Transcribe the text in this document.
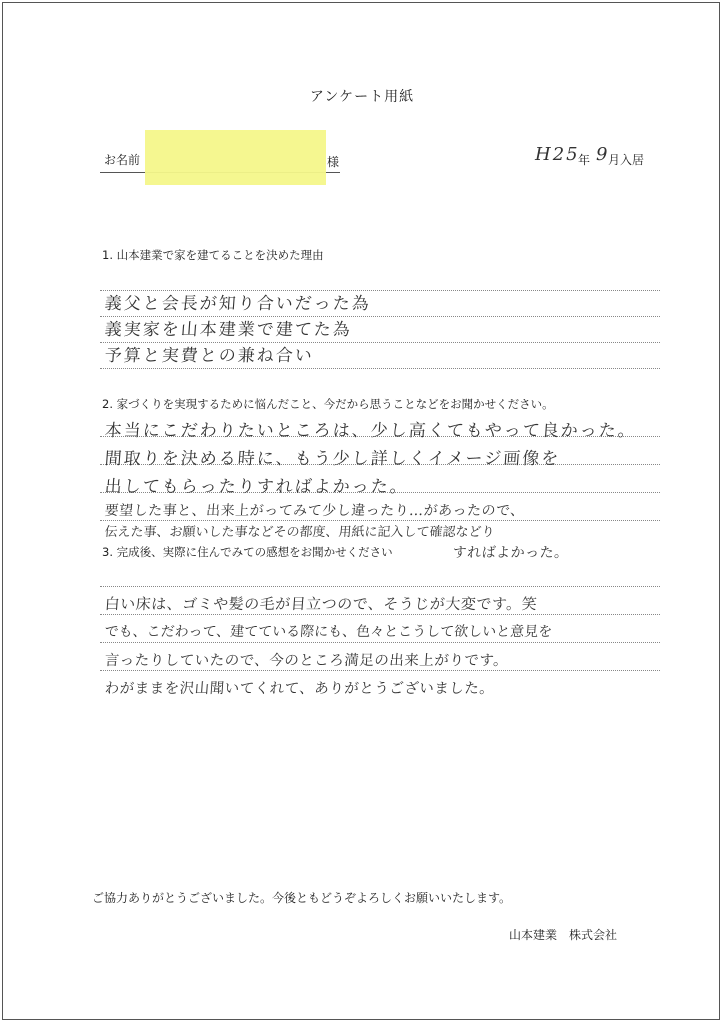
アンケート用紙
お名前	様	H25
年 9
月入居
1. 山本建業で家を建てることを決めた理由
義父と会長が知り合いだった為
義実家を山本建業で建てた為
予算と実費との兼ね合い
2. 家づくりを実現するために悩んだこと、今だから思うことなどをお聞かせください。
本当にこだわりたいところは、少し高くてもやって良かった。
間取りを決める時に、もう少し詳しくイメージ画像を
出してもらったりすればよかった。
要望した事と、出来上がってみて少し違ったり…があったので、
伝えた事、お願いした事などその都度、用紙に記入して確認などり
すればよかった。
3. 完成後、実際に住んでみての感想をお聞かせください
白い床は、ゴミや髪の毛が目立つので、そうじが大変です。笑
でも、こだわって、建てている際にも、色々とこうして欲しいと意見を
言ったりしていたので、今のところ満足の出来上がりです。
わがままを沢山聞いてくれて、ありがとうございました。
ご協力ありがとうございました。今後ともどうぞよろしくお願いいたします。
山本建業　株式会社
